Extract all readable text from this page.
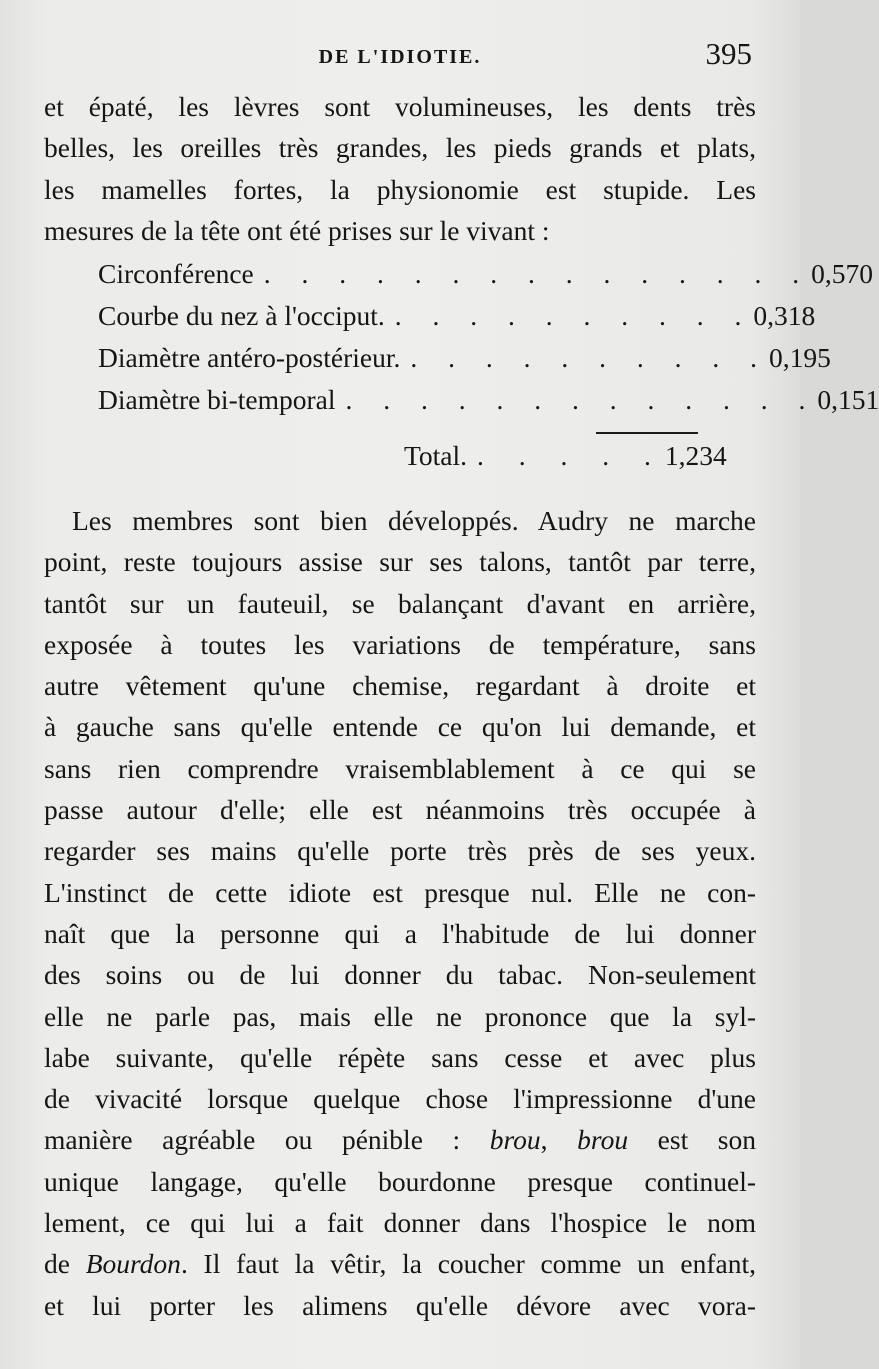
DE L'IDIOTIE.	395
et épaté, les lèvres sont volumineuses, les dents très
belles, les oreilles très grandes, les pieds grands et plats,
les mamelles fortes, la physionomie est stupide. Les
mesures de la tête ont été prises sur le vivant :
Circonférence . . . . . . . . . . . . . . . 0,570
Courbe du nez à l'occiput. . . . . . . . . . . 0,318
Diamètre antéro-postérieur. . . . . . . . . . . 0,195
Diamètre bi-temporal . . . . . . . . . . . . . 0,151
Total. . . . . . 1,234
Les membres sont bien développés. Audry ne marche
point, reste toujours assise sur ses talons, tantôt par terre,
tantôt sur un fauteuil, se balançant d'avant en arrière,
exposée à toutes les variations de température, sans
autre vêtement qu'une chemise, regardant à droite et
à gauche sans qu'elle entende ce qu'on lui demande, et
sans rien comprendre vraisemblablement à ce qui se
passe autour d'elle; elle est néanmoins très occupée à
regarder ses mains qu'elle porte très près de ses yeux.
L'instinct de cette idiote est presque nul. Elle ne con-
naît que la personne qui a l'habitude de lui donner
des soins ou de lui donner du tabac. Non-seulement
elle ne parle pas, mais elle ne prononce que la syl-
labe suivante, qu'elle répète sans cesse et avec plus
de vivacité lorsque quelque chose l'impressionne d'une
manière agréable ou pénible : brou, brou est son
unique langage, qu'elle bourdonne presque continuel-
lement, ce qui lui a fait donner dans l'hospice le nom
de Bourdon. Il faut la vêtir, la coucher comme un enfant,
et lui porter les alimens qu'elle dévore avec vora-
